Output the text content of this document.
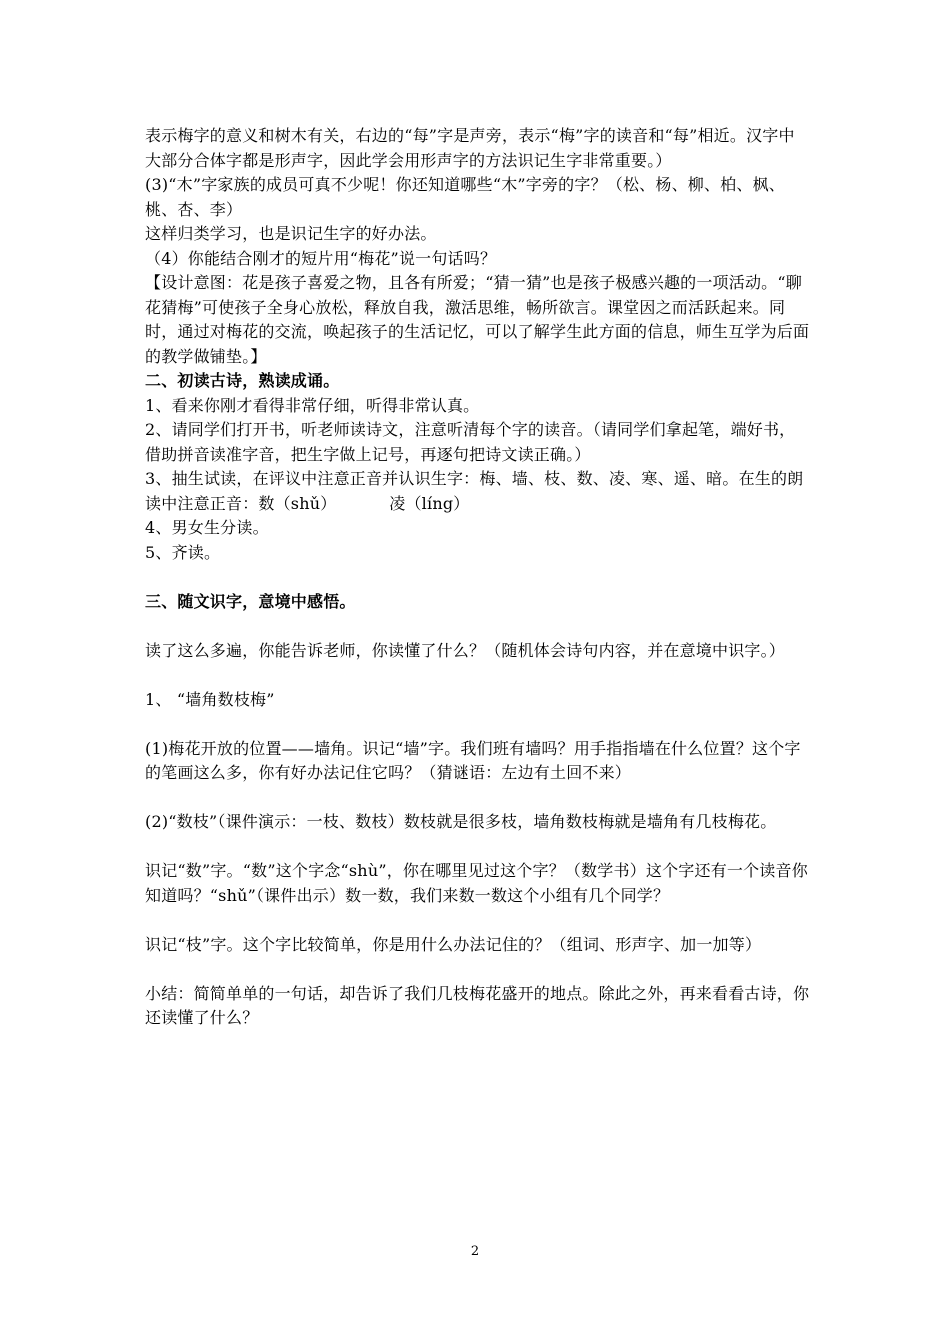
表示梅字的意义和树木有关，右边的“每”字是声旁，表示“梅”字的读音和“每”相近。汉字中大部分合体字都是形声字，因此学会用形声字的方法识记生字非常重要。）

(3)“木”字家族的成员可真不少呢！你还知道哪些“木”字旁的字？（松、杨、柳、柏、枫、桃、杏、李）

这样归类学习，也是识记生字的好办法。

（4）你能结合刚才的短片用“梅花”说一句话吗？

【设计意图：花是孩子喜爱之物，且各有所爱；“猜一猜”也是孩子极感兴趣的一项活动。“聊花猜梅”可使孩子全身心放松，释放自我，激活思维，畅所欲言。课堂因之而活跃起来。同时，通过对梅花的交流，唤起孩子的生活记忆，可以了解学生此方面的信息，师生互学为后面的教学做铺垫。】

二、初读古诗，熟读成诵。

1、看来你刚才看得非常仔细，听得非常认真。

2、请同学们打开书，听老师读诗文，注意听清每个字的读音。（请同学们拿起笔，端好书，借助拼音读准字音，把生字做上记号，再逐句把诗文读正确。）

3、抽生试读，在评议中注意正音并认识生字：梅、墙、枝、数、凌、寒、遥、暗。在生的朗读中注意正音：数（shǔ）          凌（líng）

4、男女生分读。

5、齐读。

三、随文识字，意境中感悟。

读了这么多遍，你能告诉老师，你读懂了什么？（随机体会诗句内容，并在意境中识字。）

1、 “墙角数枝梅”

(1)梅花开放的位置——墙角。识记“墙”字。我们班有墙吗？用手指指墙在什么位置？这个字的笔画这么多，你有好办法记住它吗？（猜谜语：左边有土回不来）

(2)“数枝”（课件演示：一枝、数枝）数枝就是很多枝，墙角数枝梅就是墙角有几枝梅花。

识记“数”字。“数”这个字念“shù”，你在哪里见过这个字？（数学书）这个字还有一个读音你知道吗？“shǔ”（课件出示）数一数，我们来数一数这个小组有几个同学？

识记“枝”字。这个字比较简单，你是用什么办法记住的？（组词、形声字、加一加等）

小结：简简单单的一句话，却告诉了我们几枝梅花盛开的地点。除此之外，再来看看古诗，你还读懂了什么？

2
